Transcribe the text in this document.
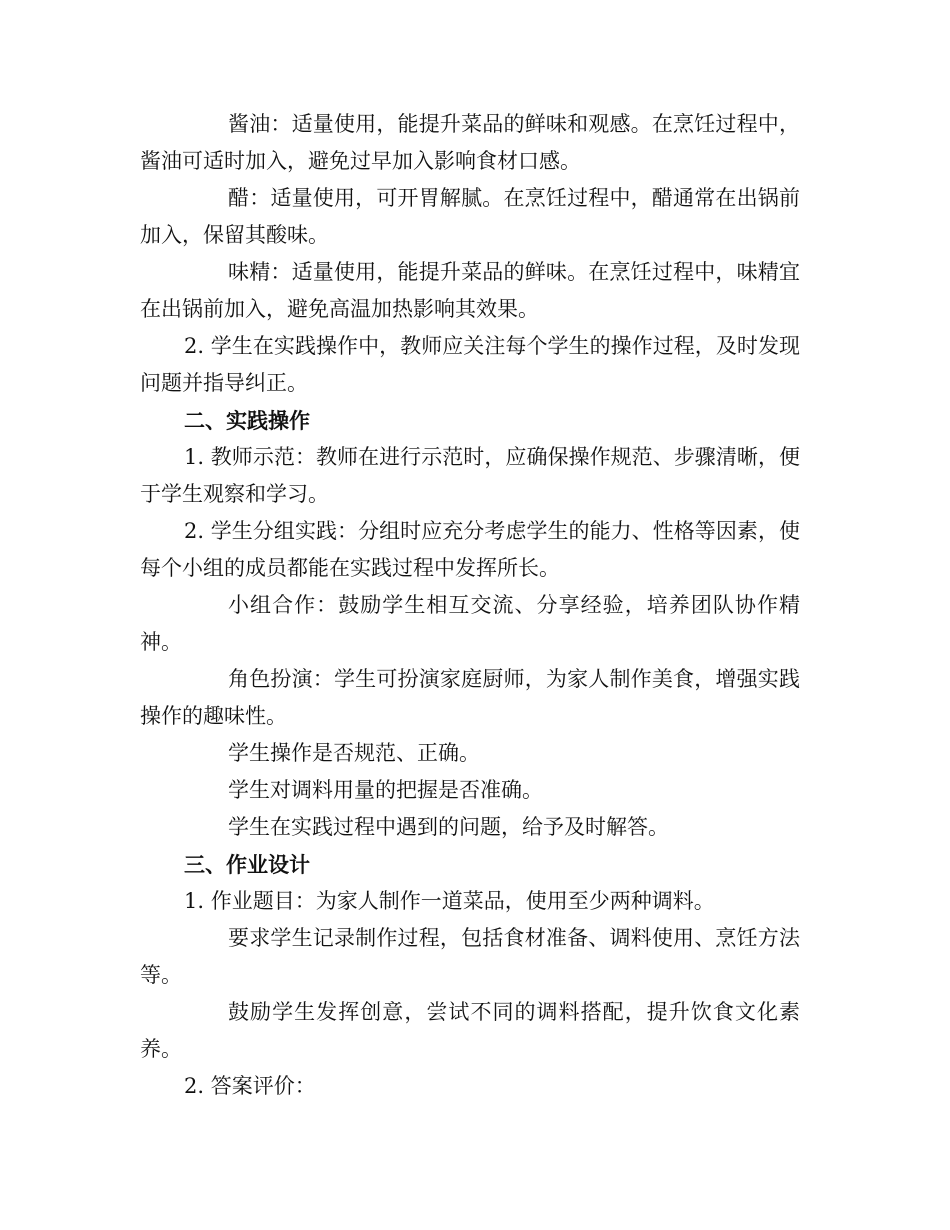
酱油：适量使用，能提升菜品的鲜味和观感。在烹饪过程中，酱油可适时加入，避免过早加入影响食材口感。

醋：适量使用，可开胃解腻。在烹饪过程中，醋通常在出锅前加入，保留其酸味。

味精：适量使用，能提升菜品的鲜味。在烹饪过程中，味精宜在出锅前加入，避免高温加热影响其效果。

2. 学生在实践操作中，教师应关注每个学生的操作过程，及时发现问题并指导纠正。

二、实践操作

1. 教师示范：教师在进行示范时，应确保操作规范、步骤清晰，便于学生观察和学习。

2. 学生分组实践：分组时应充分考虑学生的能力、性格等因素，使每个小组的成员都能在实践过程中发挥所长。

小组合作：鼓励学生相互交流、分享经验，培养团队协作精神。

角色扮演：学生可扮演家庭厨师，为家人制作美食，增强实践操作的趣味性。

学生操作是否规范、正确。

学生对调料用量的把握是否准确。

学生在实践过程中遇到的问题，给予及时解答。

三、作业设计

1. 作业题目：为家人制作一道菜品，使用至少两种调料。

要求学生记录制作过程，包括食材准备、调料使用、烹饪方法等。

鼓励学生发挥创意，尝试不同的调料搭配，提升饮食文化素养。

2. 答案评价：
